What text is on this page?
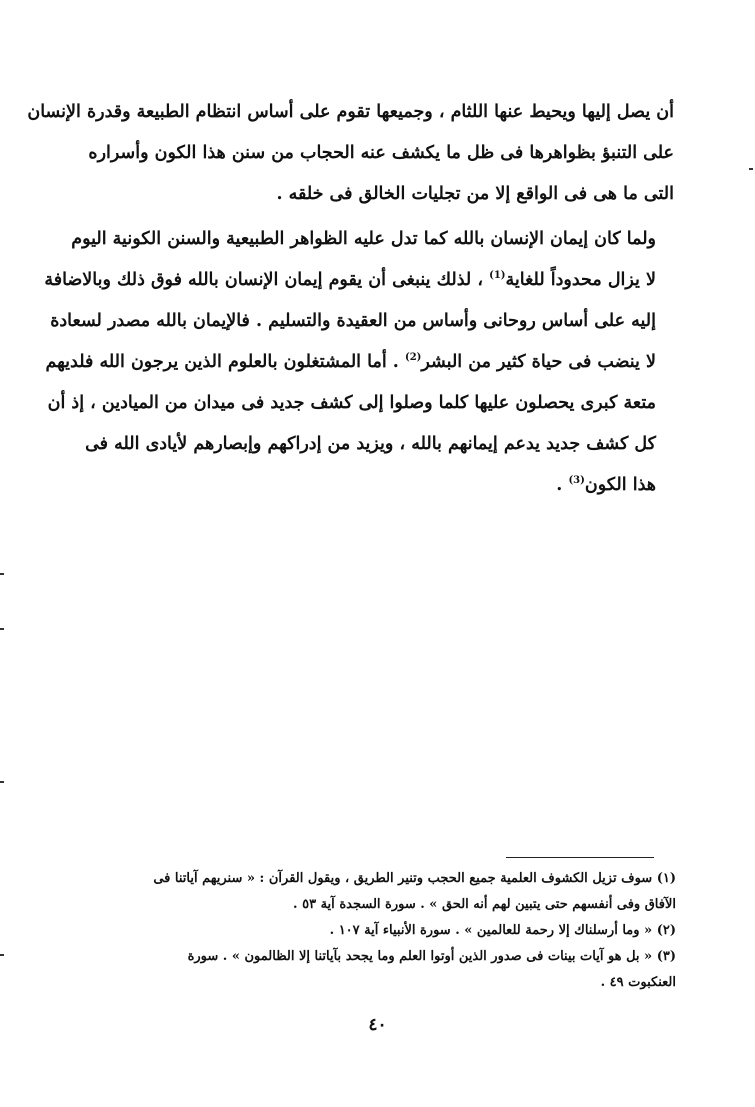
أن يصل إليها ويحيط عنها اللثام ، وجميعها تقوم على أساس انتظام الطبيعة وقدرة الإنسان
على التنبؤ بظواهرها فى ظل ما يكشف عنه الحجاب من سنن هذا الكون وأسراره
التى ما هى فى الواقع إلا من تجليات الخالق فى خلقه .

ولما كان إيمان الإنسان بالله كما تدل عليه الظواهر الطبيعية والسنن الكونية اليوم
لا يزال محدوداً للغاية$^{(1)}$ ، لذلك ينبغى أن يقوم إيمان الإنسان بالله فوق ذلك وبالاضافة
إليه على أساس روحانى وأساس من العقيدة والتسليم . فالإيمان بالله مصدر لسعادة
لا ينضب فى حياة كثير من البشر$^{(2)}$ . أما المشتغلون بالعلوم الذين يرجون الله فلديهم
متعة كبرى يحصلون عليها كلما وصلوا إلى كشف جديد فى ميدان من الميادين ، إذ أن
كل كشف جديد يدعم إيمانهم بالله ، ويزيد من إدراكهم وإبصارهم لأيادى الله فى
هذا الكون$^{(3)}$ .

(١) سوف تزيل الكشوف العلمية جميع الحجب وتنير الطريق ، ويقول القرآن : « سنريهم آياتنا فى
الآفاق وفى أنفسهم حتى يتبين لهم أنه الحق » . سورة السجدة آية ٥٣ .
(٢) « وما أرسلناك إلا رحمة للعالمين » . سورة الأنبياء آية ١٠٧ .
(٣) « بل هو آيات بينات فى صدور الذين أوتوا العلم وما يجحد بآياتنا إلا الظالمون » . سورة
العنكبوت ٤٩ .
٤٠
